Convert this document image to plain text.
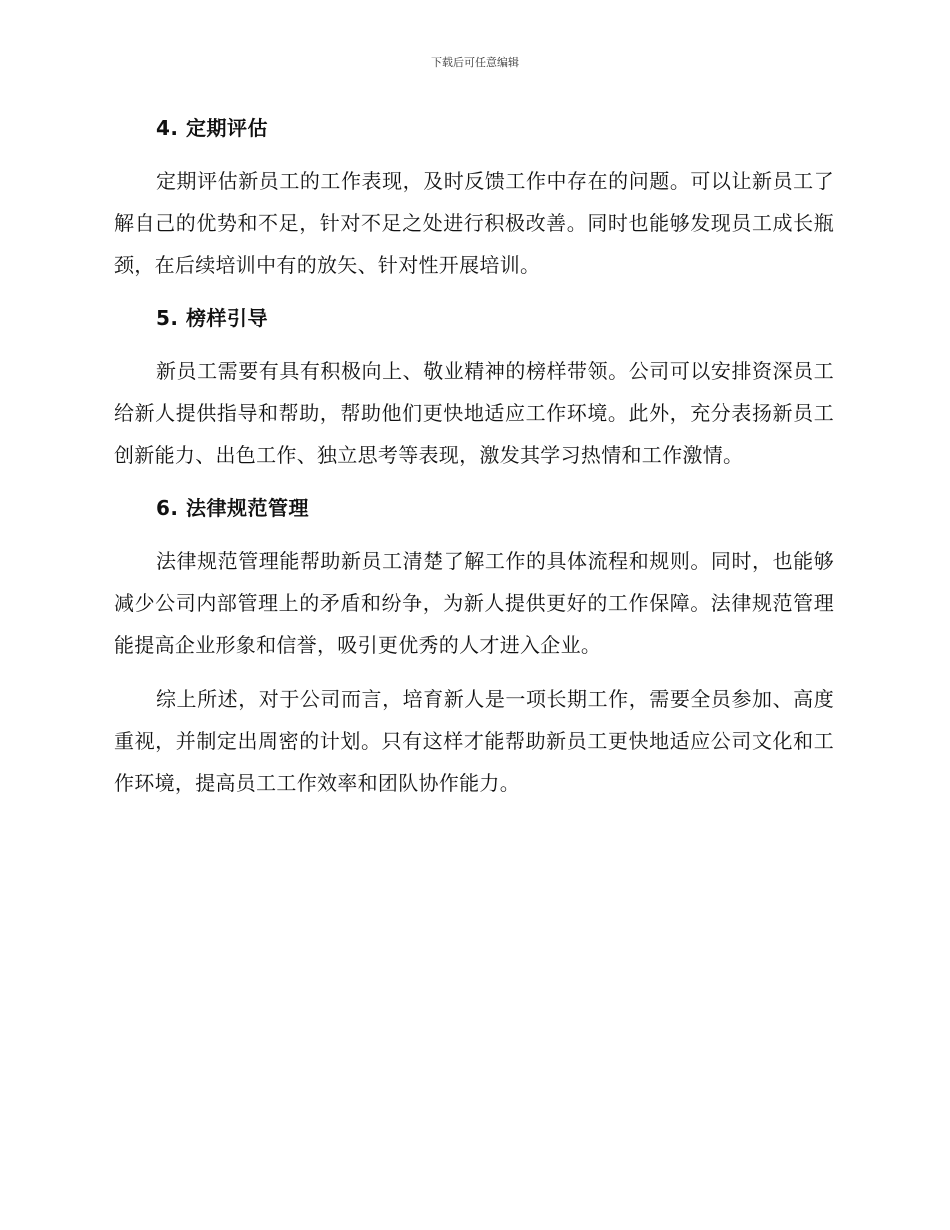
下载后可任意编辑
4. 定期评估

定期评估新员工的工作表现，及时反馈工作中存在的问题。可以让新员工了解自己的优势和不足，针对不足之处进行积极改善。同时也能够发现员工成长瓶颈，在后续培训中有的放矢、针对性开展培训。

5. 榜样引导

新员工需要有具有积极向上、敬业精神的榜样带领。公司可以安排资深员工给新人提供指导和帮助，帮助他们更快地适应工作环境。此外，充分表扬新员工创新能力、出色工作、独立思考等表现，激发其学习热情和工作激情。

6. 法律规范管理

法律规范管理能帮助新员工清楚了解工作的具体流程和规则。同时，也能够减少公司内部管理上的矛盾和纷争，为新人提供更好的工作保障。法律规范管理能提高企业形象和信誉，吸引更优秀的人才进入企业。

综上所述，对于公司而言，培育新人是一项长期工作，需要全员参加、高度重视，并制定出周密的计划。只有这样才能帮助新员工更快地适应公司文化和工作环境，提高员工工作效率和团队协作能力。
